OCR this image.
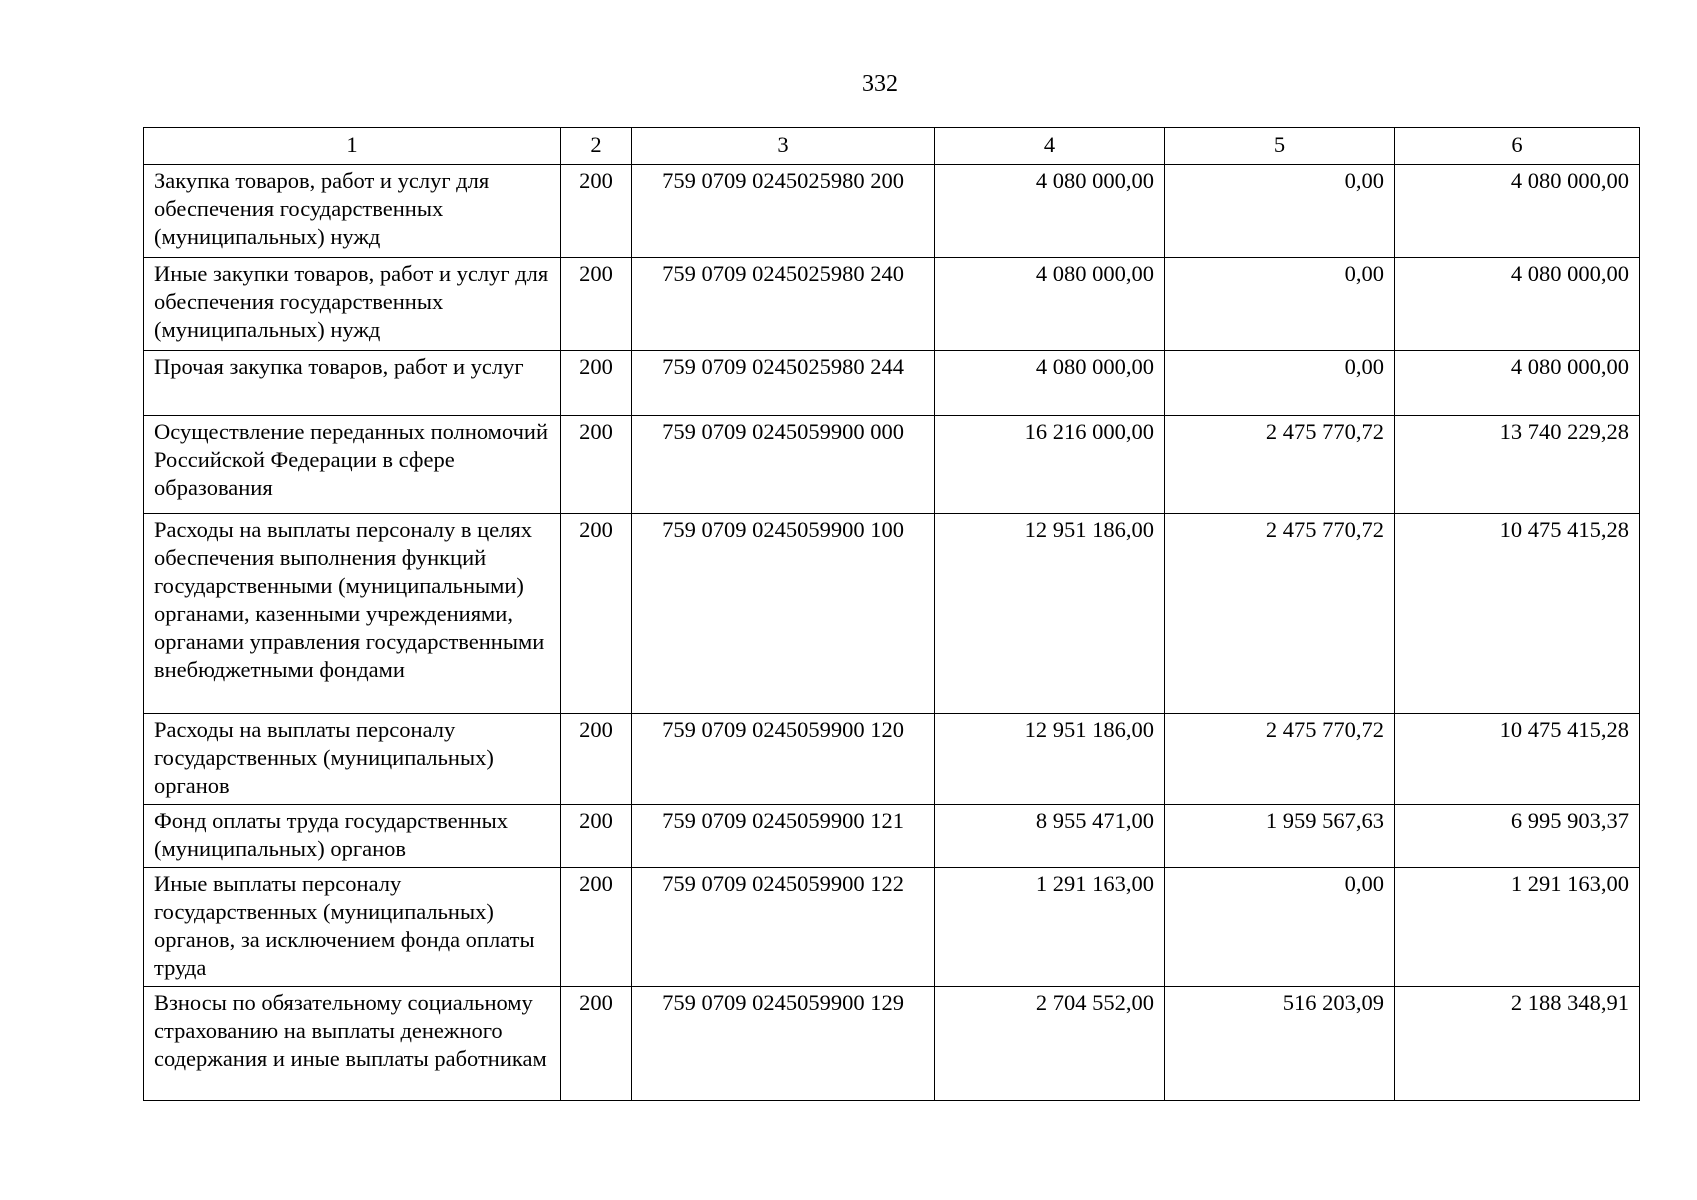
332
1	2	3	4	5	6
Закупка товаров, работ и услуг для обеспечения государственных (муниципальных) нужд	200	759 0709 0245025980 200	4 080 000,00	0,00	4 080 000,00
Иные закупки товаров, работ и услуг для обеспечения государственных (муниципальных) нужд	200	759 0709 0245025980 240	4 080 000,00	0,00	4 080 000,00
Прочая закупка товаров, работ и услуг	200	759 0709 0245025980 244	4 080 000,00	0,00	4 080 000,00
Осуществление переданных полномочий Российской Федерации в сфере образования	200	759 0709 0245059900 000	16 216 000,00	2 475 770,72	13 740 229,28
Расходы на выплаты персоналу в целях обеспечения выполнения функций государственными (муниципальными) органами, казенными учреждениями, органами управления государственными внебюджетными фондами	200	759 0709 0245059900 100	12 951 186,00	2 475 770,72	10 475 415,28
Расходы на выплаты персоналу государственных (муниципальных) органов	200	759 0709 0245059900 120	12 951 186,00	2 475 770,72	10 475 415,28
Фонд оплаты труда государственных (муниципальных) органов	200	759 0709 0245059900 121	8 955 471,00	1 959 567,63	6 995 903,37
Иные выплаты персоналу государственных (муниципальных) органов, за исключением фонда оплаты труда	200	759 0709 0245059900 122	1 291 163,00	0,00	1 291 163,00
Взносы по обязательному социальному страхованию на выплаты денежного содержания и иные выплаты работникам	200	759 0709 0245059900 129	2 704 552,00	516 203,09	2 188 348,91
